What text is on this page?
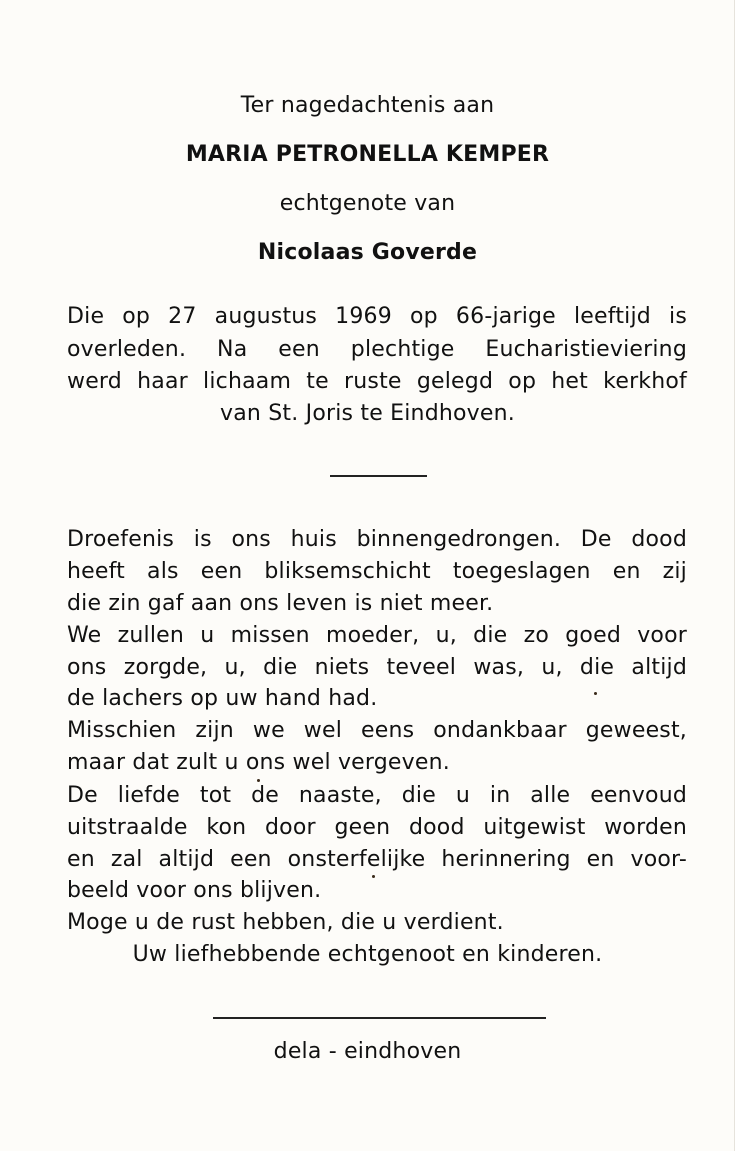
Ter nagedachtenis aan
MARIA PETRONELLA KEMPER
echtgenote van
Nicolaas Goverde
Die op 27 augustus 1969 op 66-jarige leeftijd is
overleden. Na een plechtige Eucharistieviering
werd haar lichaam te ruste gelegd op het kerkhof
van St. Joris te Eindhoven.
Droefenis is ons huis binnengedrongen. De dood
heeft als een bliksemschicht toegeslagen en zij
die zin gaf aan ons leven is niet meer.
We zullen u missen moeder, u, die zo goed voor
ons zorgde, u, die niets teveel was, u, die altijd
de lachers op uw hand had.
Misschien zijn we wel eens ondankbaar geweest,
maar dat zult u ons wel vergeven.
De liefde tot de naaste, die u in alle eenvoud
uitstraalde kon door geen dood uitgewist worden
en zal altijd een onsterfelijke herinnering en voor-
beeld voor ons blijven.
Moge u de rust hebben, die u verdient.
Uw liefhebbende echtgenoot en kinderen.
dela - eindhoven
